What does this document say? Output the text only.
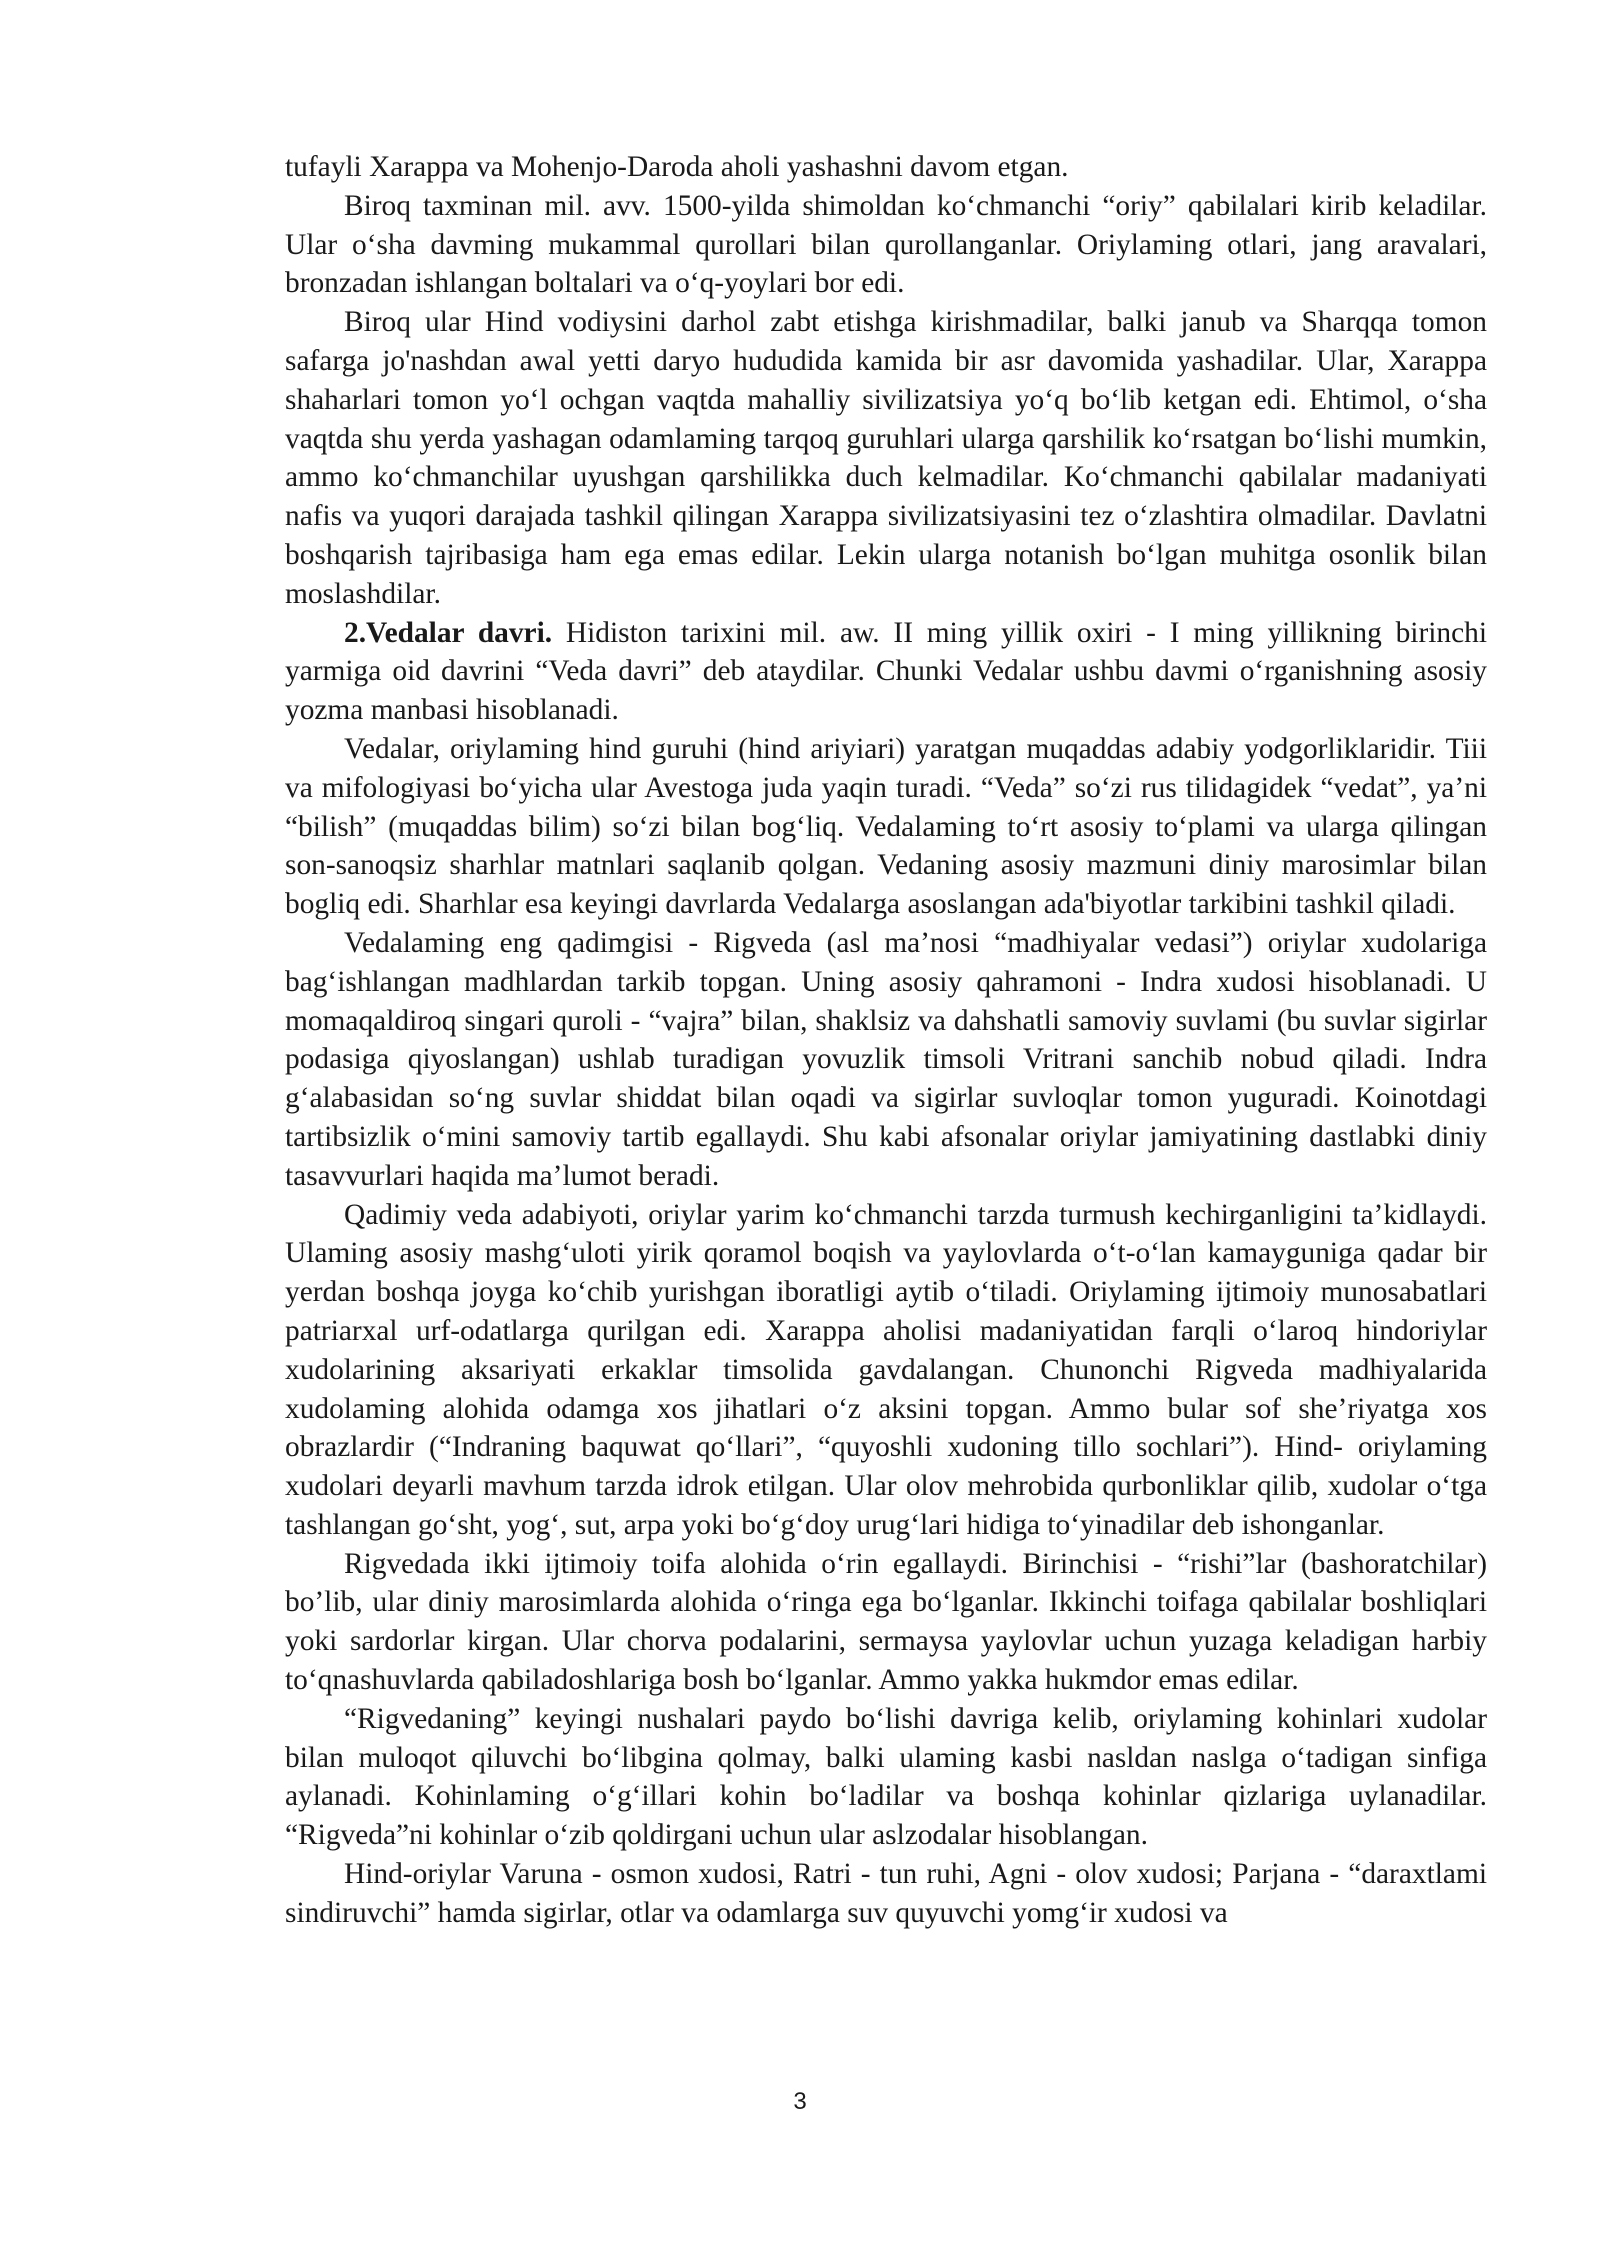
tufayli Xarappa va Mohenjo-Daroda aholi yashashni davom etgan.

Biroq taxminan mil. avv. 1500-yilda shimoldan ko‘chmanchi “oriy” qabilalari kirib keladilar. Ular o‘sha davming mukammal qurollari bilan qurollanganlar. Oriylaming otlari, jang aravalari, bronzadan ishlangan boltalari va o‘q-yoylari bor edi.

Biroq ular Hind vodiysini darhol zabt etishga kirishmadilar, balki janub va Sharqqa tomon safarga jo'nashdan awal yetti daryo hududida kamida bir asr davomida yashadilar. Ular, Xarappa shaharlari tomon yo‘l ochgan vaqtda mahalliy sivilizatsiya yo‘q bo‘lib ketgan edi. Ehtimol, o‘sha vaqtda shu yerda yashagan odamlaming tarqoq guruhlari ularga qarshilik ko‘rsatgan bo‘lishi mumkin, ammo ko‘chmanchilar uyushgan qarshilikka duch kelmadilar. Ko‘chmanchi qabilalar madaniyati nafis va yuqori darajada tashkil qilingan Xarappa sivilizatsiyasini tez o‘zlashtira olmadilar. Davlatni boshqarish tajribasiga ham ega emas edilar. Lekin ularga notanish bo‘lgan muhitga osonlik bilan moslashdilar.

2.Vedalar davri. Hidiston tarixini mil. aw. II ming yillik oxiri - I ming yillikning birinchi yarmiga oid davrini “Veda davri” deb ataydilar. Chunki Vedalar ushbu davmi o‘rganishning asosiy yozma manbasi hisoblanadi.

Vedalar, oriylaming hind guruhi (hind ariyiari) yaratgan muqaddas adabiy yodgorliklaridir. Tiii va mifologiyasi bo‘yicha ular Avestoga juda yaqin turadi. “Veda” so‘zi rus tilidagidek “vedat”, ya’ni “bilish” (muqaddas bilim) so‘zi bilan bog‘liq. Vedalaming to‘rt asosiy to‘plami va ularga qilingan son-sanoqsiz sharhlar matnlari saqlanib qolgan. Vedaning asosiy mazmuni diniy marosimlar bilan bogliq edi. Sharhlar esa keyingi davrlarda Vedalarga asoslangan ada'biyotlar tarkibini tashkil qiladi.

Vedalaming eng qadimgisi - Rigveda (asl ma’nosi “madhiyalar vedasi”) oriylar xudolariga bag‘ishlangan madhlardan tarkib topgan. Uning asosiy qahramoni - Indra xudosi hisoblanadi. U momaqaldiroq singari quroli - “vajra” bilan, shaklsiz va dahshatli samoviy suvlami (bu suvlar sigirlar podasiga qiyoslangan) ushlab turadigan yovuzlik timsoli Vritrani sanchib nobud qiladi. Indra g‘alabasidan so‘ng suvlar shiddat bilan oqadi va sigirlar suvloqlar tomon yuguradi. Koinotdagi tartibsizlik o‘mini samoviy tartib egallaydi. Shu kabi afsonalar oriylar jamiyatining dastlabki diniy tasavvurlari haqida ma’lumot beradi.

Qadimiy veda adabiyoti, oriylar yarim ko‘chmanchi tarzda turmush kechirganligini ta’kidlaydi. Ulaming asosiy mashg‘uloti yirik qoramol boqish va yaylovlarda o‘t-o‘lan kamayguniga qadar bir yerdan boshqa joyga ko‘chib yurishgan iboratligi aytib o‘tiladi. Oriylaming ijtimoiy munosabatlari patriarxal urf-odatlarga qurilgan edi. Xarappa aholisi madaniyatidan farqli o‘laroq hindoriylar xudolarining aksariyati erkaklar timsolida gavdalangan. Chunonchi Rigveda madhiyalarida xudolaming alohida odamga xos jihatlari o‘z aksini topgan. Ammo bular sof she’riyatga xos obrazlardir (“Indraning baquwat qo‘llari”, “quyoshli xudoning tillo sochlari”). Hind- oriylaming xudolari deyarli mavhum tarzda idrok etilgan. Ular olov mehrobida qurbonliklar qilib, xudolar o‘tga tashlangan go‘sht, yog‘, sut, arpa yoki bo‘g‘doy urug‘lari hidiga to‘yinadilar deb ishonganlar.

Rigvedada ikki ijtimoiy toifa alohida o‘rin egallaydi. Birinchisi - “rishi”lar (bashoratchilar) bo’lib, ular diniy marosimlarda alohida o‘ringa ega bo‘lganlar. Ikkinchi toifaga qabilalar boshliqlari yoki sardorlar kirgan. Ular chorva podalarini, sermaysa yaylovlar uchun yuzaga keladigan harbiy to‘qnashuvlarda qabiladoshlariga bosh bo‘lganlar. Ammo yakka hukmdor emas edilar.

“Rigvedaning” keyingi nushalari paydo bo‘lishi davriga kelib, oriylaming kohinlari xudolar bilan muloqot qiluvchi bo‘libgina qolmay, balki ulaming kasbi nasldan naslga o‘tadigan sinfiga aylanadi. Kohinlaming o‘g‘illari kohin bo‘ladilar va boshqa kohinlar qizlariga uylanadilar. “Rigveda”ni kohinlar o‘zib qoldirgani uchun ular aslzodalar hisoblangan.

Hind-oriylar Varuna - osmon xudosi, Ratri - tun ruhi, Agni - olov xudosi; Parjana - “daraxtlami sindiruvchi” hamda sigirlar, otlar va odamlarga suv quyuvchi yomg‘ir xudosi va

3
